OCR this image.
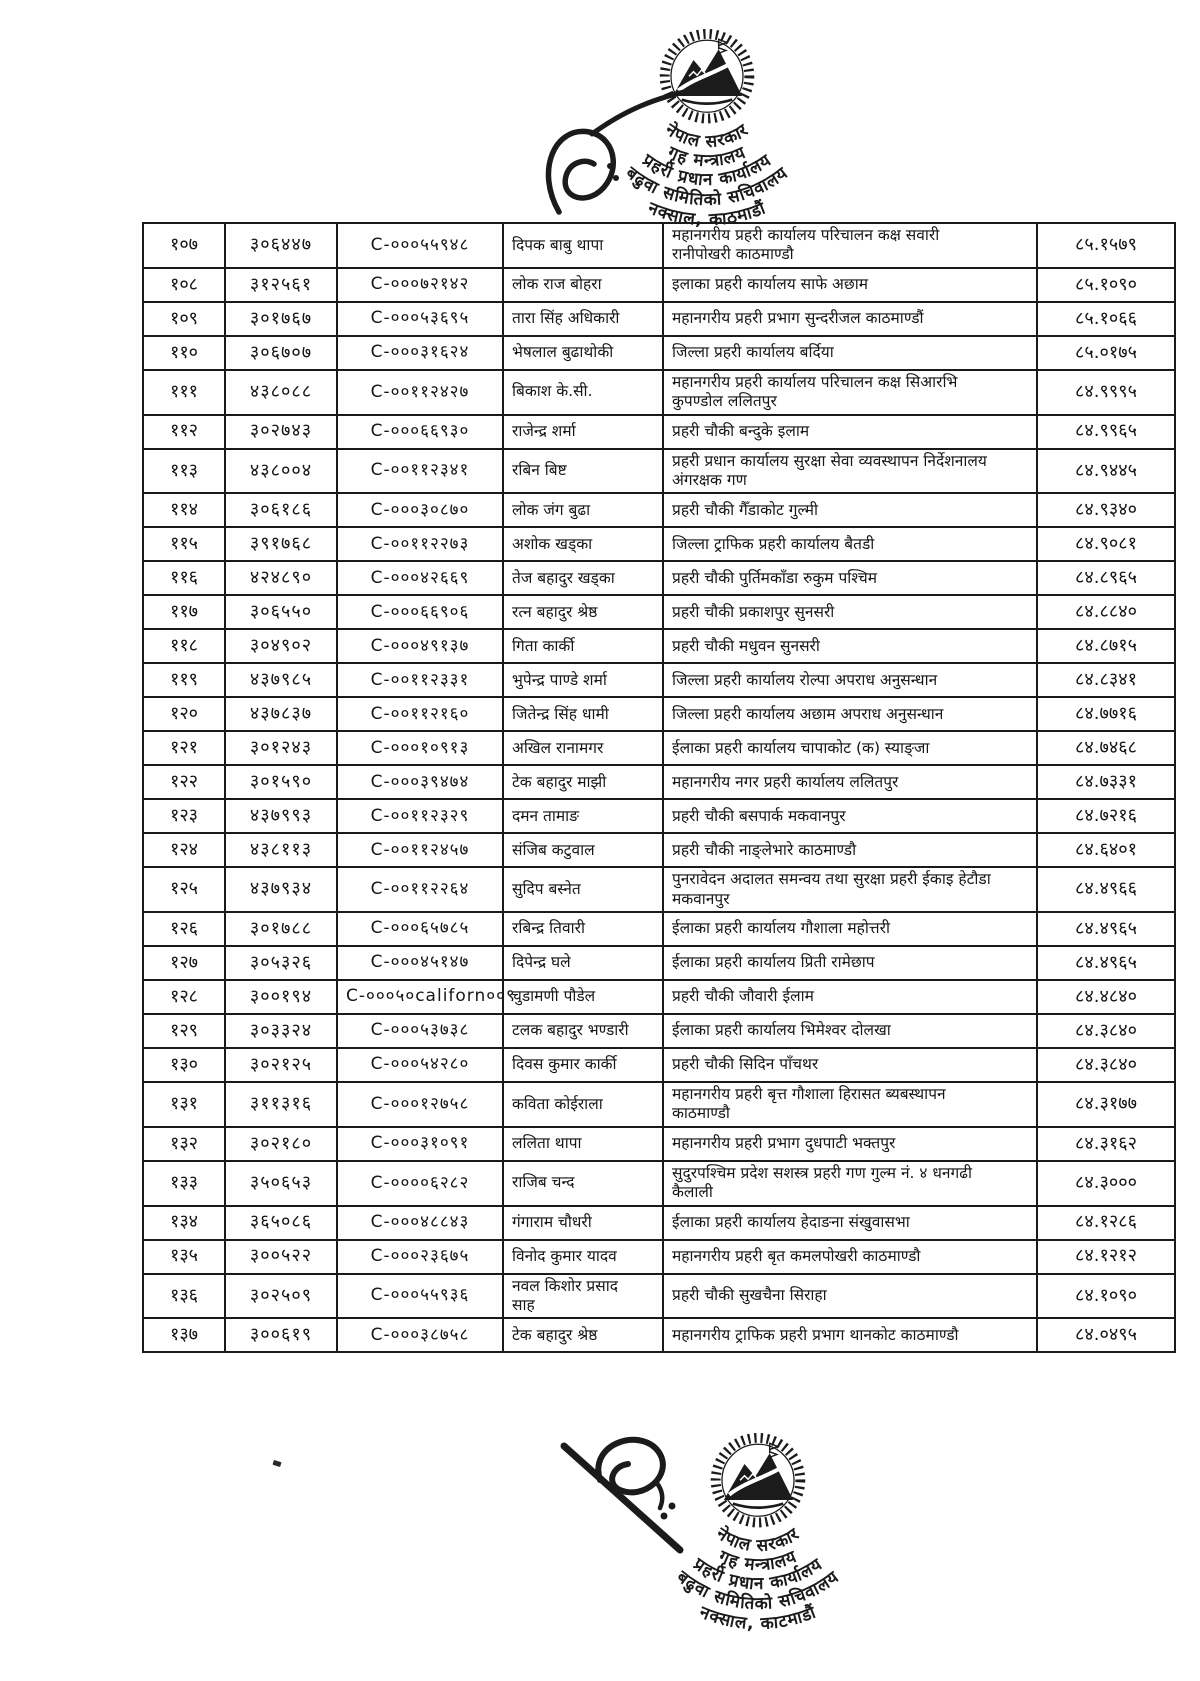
नेपाल सरकार
गृह मन्त्रालय
प्रहरी प्रधान कार्यालय
बढुवा समितिको सचिवालय
नक्साल, काठमाडौं
१०७	३०६४४७	C-०००५५९४८	दिपक बाबु थापा	महानगरीय प्रहरी कार्यालय परिचालन कक्ष सवारी
रानीपोखरी काठमाण्डौ	८५.१५७९
१०८	३१२५६१	C-०००७२१४२	लोक राज बोहरा	इलाका प्रहरी कार्यालय साफे अछाम	८५.१०९०
१०९	३०१७६७	C-०००५३६९५	तारा सिंह अधिकारी	महानगरीय प्रहरी प्रभाग सुन्दरीजल काठमाण्डौं	८५.१०६६
११०	३०६७०७	C-०००३१६२४	भेषलाल बुढाथोकी	जिल्ला प्रहरी कार्यालय बर्दिया	८५.०१७५
१११	४३८०८८	C-००११२४२७	बिकाश के.सी.	महानगरीय प्रहरी कार्यालय परिचालन कक्ष सिआरभि
कुपण्डोल ललितपुर	८४.९९९५
११२	३०२७४३	C-०००६६९३०	राजेन्द्र शर्मा	प्रहरी चौकी बन्दुके इलाम	८४.९९६५
११३	४३८००४	C-००११२३४१	रबिन बिष्ट	प्रहरी प्रधान कार्यालय सुरक्षा सेवा व्यवस्थापन निर्देशनालय
अंगरक्षक गण	८४.९४४५
११४	३०६१८६	C-०००३०८७०	लोक जंग बुढा	प्रहरी चौकी गैँडाकोट गुल्मी	८४.९३४०
११५	३९१७६८	C-००११२२७३	अशोक खड्का	जिल्ला ट्राफिक प्रहरी कार्यालय बैतडी	८४.९०८१
११६	४२४८९०	C-०००४२६६९	तेज बहादुर खड्का	प्रहरी चौकी पुर्तिमकाँडा रुकुम पश्चिम	८४.८९६५
११७	३०६५५०	C-०००६६९०६	रत्न बहादुर श्रेष्ठ	प्रहरी चौकी प्रकाशपुर सुनसरी	८४.८८४०
११८	३०४९०२	C-०००४९१३७	गिता कार्की	प्रहरी चौकी मधुवन सुनसरी	८४.८७१५
११९	४३७९८५	C-००११२३३१	भुपेन्द्र पाण्डे शर्मा	जिल्ला प्रहरी कार्यालय रोल्पा अपराध अनुसन्धान	८४.८३४१
१२०	४३७८३७	C-००११२१६०	जितेन्द्र सिंह धामी	जिल्ला प्रहरी कार्यालय अछाम अपराध अनुसन्धान	८४.७७१६
१२१	३०१२४३	C-०००१०९१३	अखिल रानामगर	ईलाका प्रहरी कार्यालय चापाकोट (क) स्याङ्जा	८४.७४६८
१२२	३०१५९०	C-०००३९४७४	टेक बहादुर माझी	महानगरीय नगर प्रहरी कार्यालय ललितपुर	८४.७३३१
१२३	४३७९९३	C-००११२३२९	दमन तामाङ	प्रहरी चौकी बसपार्क मकवानपुर	८४.७२१६
१२४	४३८११३	C-००११२४५७	संजिब कटुवाल	प्रहरी चौकी नाङ्लेभारे काठमाण्डौ	८४.६४०१
१२५	४३७९३४	C-००११२२६४	सुदिप बस्नेत	पुनरावेदन अदालत समन्वय तथा सुरक्षा प्रहरी ईकाइ हेटौडा
मकवानपुर	८४.४९६६
१२६	३०१७८८	C-०००६५७८५	रबिन्द्र तिवारी	ईलाका प्रहरी कार्यालय गौशाला महोत्तरी	८४.४९६५
१२७	३०५३२६	C-०००४५१४७	दिपेन्द्र घले	ईलाका प्रहरी कार्यालय प्रिती रामेछाप	८४.४९६५
१२८	३००१९४	C-०००५०californ००९	चुडामणी पौडेल	प्रहरी चौकी जौवारी ईलाम	८४.४८४०
१२९	३०३३२४	C-०००५३७३८	टलक बहादुर भण्डारी	ईलाका प्रहरी कार्यालय भिमेश्वर दोलखा	८४.३८४०
१३०	३०२१२५	C-०००५४२८०	दिवस कुमार कार्की	प्रहरी चौकी सिदिन पाँचथर	८४.३८४०
१३१	३११३१६	C-०००१२७५८	कविता कोईराला	महानगरीय प्रहरी बृत्त गौशाला हिरासत ब्यबस्थापन
काठमाण्डौ	८४.३१७७
१३२	३०२१८०	C-०००३१०९१	ललिता थापा	महानगरीय प्रहरी प्रभाग दुधपाटी भक्तपुर	८४.३१६२
१३३	३५०६५३	C-००००६२८२	राजिब चन्द	सुदुरपश्चिम प्रदेश सशस्त्र प्रहरी गण गुल्म नं. ४ धनगढी
कैलाली	८४.३०००
१३४	३६५०८६	C-०००४८८४३	गंगाराम चौधरी	ईलाका प्रहरी कार्यालय हेदाङना संखुवासभा	८४.१२८६
१३५	३००५२२	C-०००२३६७५	विनोद कुमार यादव	महानगरीय प्रहरी बृत कमलपोखरी काठमाण्डौ	८४.१२१२
१३६	३०२५०९	C-०००५५९३६	नवल किशोर प्रसाद
साह	प्रहरी चौकी सुखचैना सिराहा	८४.१०९०
१३७	३००६१९	C-०००३८७५८	टेक बहादुर श्रेष्ठ	महानगरीय ट्राफिक प्रहरी प्रभाग थानकोट काठमाण्डौ	८४.०४९५
नेपाल सरकार
गृह मन्त्रालय
प्रहरी प्रधान कार्यालय
बढुवा समितिको सचिवालय
नक्साल, काटमाडौं
